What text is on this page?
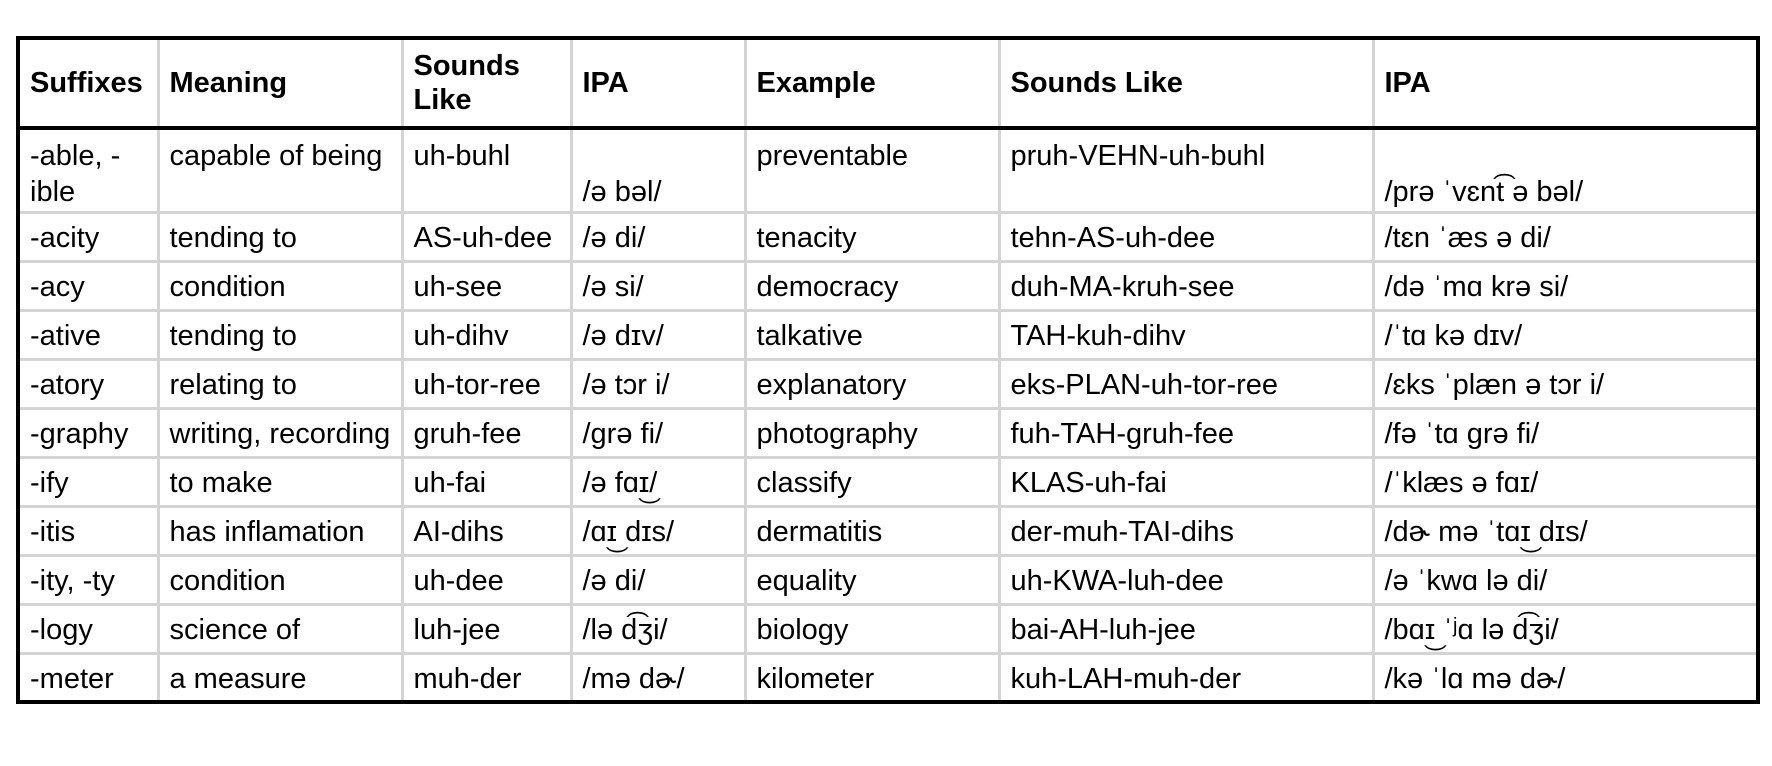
Suffixes	Meaning	Sounds Like	IPA	Example	Sounds Like	IPA
-able, -ible	capable of being	uh-buhl	/ə bəl/	preventable	pruh-VEHN-uh-buhl	/prə ˈvɛnt͡ ə bəl/
-acity	tending to	AS-uh-dee	/ə di/	tenacity	tehn-AS-uh-dee	/tɛn ˈæs ə di/
-acy	condition	uh-see	/ə si/	democracy	duh-MA-kruh-see	/də ˈmɑ krə si/
-ative	tending to	uh-dihv	/ə dɪv/	talkative	TAH-kuh-dihv	/ˈtɑ kə dɪv/
-atory	relating to	uh-tor-ree	/ə tɔr i/	explanatory	eks-PLAN-uh-tor-ree	/ɛks ˈplæn ə tɔr i/
-graphy	writing, recording	gruh-fee	/grə fi/	photography	fuh-TAH-gruh-fee	/fə ˈtɑ grə fi/
-ify	to make	uh-fai	/ə fɑɪ͜/	classify	KLAS-uh-fai	/ˈklæs ə fɑɪ/
-itis	has inflamation	AI-dihs	/ɑɪ͜ dɪs/	dermatitis	der-muh-TAI-dihs	/dɚ mə ˈtɑɪ͜ dɪs/
-ity, -ty	condition	uh-dee	/ə di/	equality	uh-KWA-luh-dee	/ə ˈkwɑ lə di/
-logy	science of	luh-jee	/lə d͡ʒi/	biology	bai-AH-luh-jee	/bɑɪ͜ ˈʲɑ lə d͡ʒi/
-meter	a measure	muh-der	/mə dɚ/	kilometer	kuh-LAH-muh-der	/kə ˈlɑ mə dɚ/
